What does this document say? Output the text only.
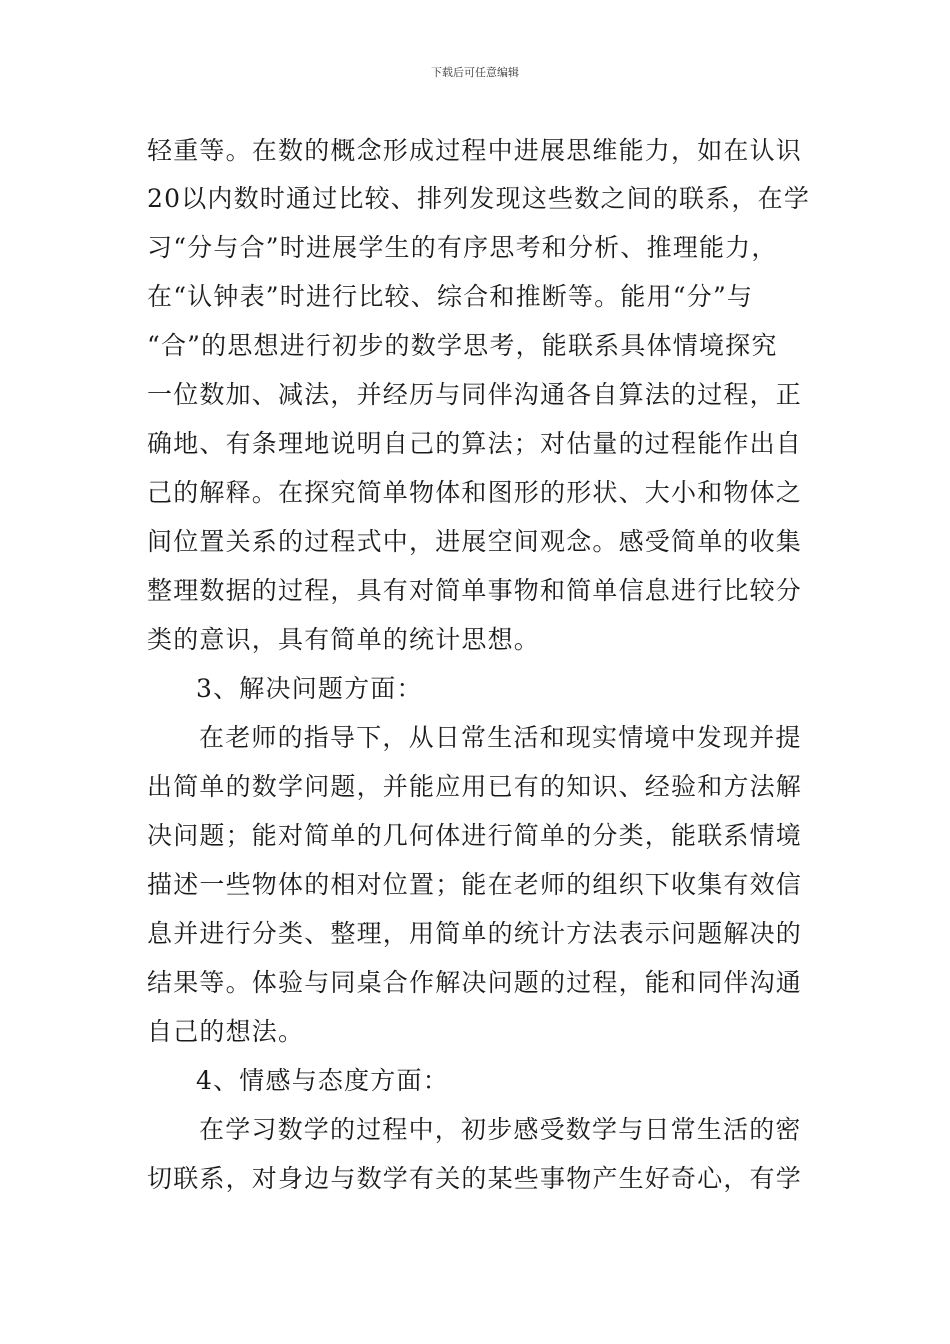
下载后可任意编辑
轻重等。在数的概念形成过程中进展思维能力，如在认识
20以内数时通过比较、排列发现这些数之间的联系，在学
习“分与合”时进展学生的有序思考和分析、推理能力，
在“认钟表”时进行比较、综合和推断等。能用“分”与
“合”的思想进行初步的数学思考，能联系具体情境探究
一位数加、减法，并经历与同伴沟通各自算法的过程，正
确地、有条理地说明自己的算法；对估量的过程能作出自
己的解释。在探究简单物体和图形的形状、大小和物体之
间位置关系的过程式中，进展空间观念。感受简单的收集
整理数据的过程，具有对简单事物和简单信息进行比较分
类的意识，具有简单的统计思想。
3、解决问题方面：
在老师的指导下，从日常生活和现实情境中发现并提
出简单的数学问题，并能应用已有的知识、经验和方法解
决问题；能对简单的几何体进行简单的分类，能联系情境
描述一些物体的相对位置；能在老师的组织下收集有效信
息并进行分类、整理，用简单的统计方法表示问题解决的
结果等。体验与同桌合作解决问题的过程，能和同伴沟通
自己的想法。
4、情感与态度方面：
在学习数学的过程中，初步感受数学与日常生活的密
切联系，对身边与数学有关的某些事物产生好奇心，有学
